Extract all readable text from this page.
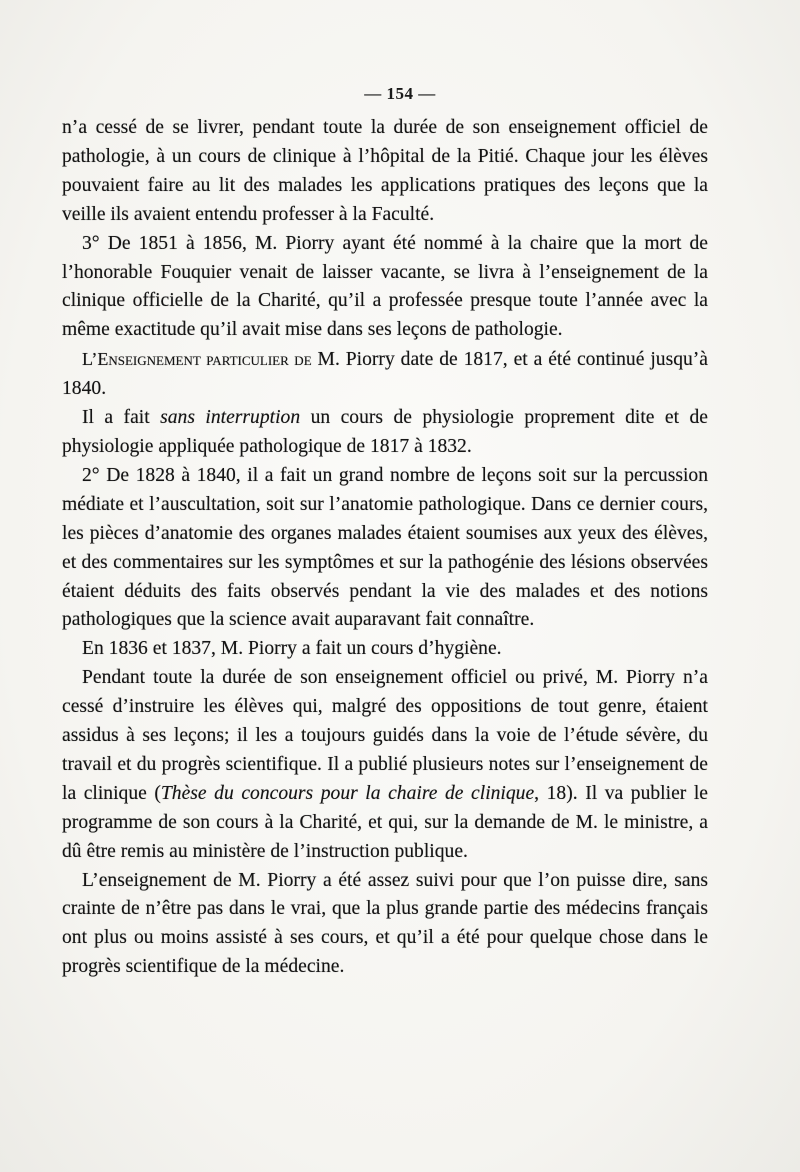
— 154 —

n’a cessé de se livrer, pendant toute la durée de son enseignement officiel de pathologie, à un cours de clinique à l’hôpital de la Pitié. Chaque jour les élèves pouvaient faire au lit des malades les applications pratiques des leçons que la veille ils avaient entendu professer à la Faculté.

3° De 1851 à 1856, M. Piorry ayant été nommé à la chaire que la mort de l’honorable Fouquier venait de laisser vacante, se livra à l’enseignement de la clinique officielle de la Charité, qu’il a professée presque toute l’année avec la même exactitude qu’il avait mise dans ses leçons de pathologie.

L’Enseignement particulier de M. Piorry date de 1817, et a été continué jusqu’à 1840.

Il a fait sans interruption un cours de physiologie proprement dite et de physiologie appliquée pathologique de 1817 à 1832.

2° De 1828 à 1840, il a fait un grand nombre de leçons soit sur la percussion médiate et l’auscultation, soit sur l’anatomie pathologique. Dans ce dernier cours, les pièces d’anatomie des organes malades étaient soumises aux yeux des élèves, et des commentaires sur les symptômes et sur la pathogénie des lésions observées étaient déduits des faits observés pendant la vie des malades et des notions pathologiques que la science avait auparavant fait connaître.

En 1836 et 1837, M. Piorry a fait un cours d’hygiène.

Pendant toute la durée de son enseignement officiel ou privé, M. Piorry n’a cessé d’instruire les élèves qui, malgré des oppositions de tout genre, étaient assidus à ses leçons; il les a toujours guidés dans la voie de l’étude sévère, du travail et du progrès scientifique. Il a publié plusieurs notes sur l’enseignement de la clinique (Thèse du concours pour la chaire de clinique, 18). Il va publier le programme de son cours à la Charité, et qui, sur la demande de M. le ministre, a dû être remis au ministère de l’instruction publique.

L’enseignement de M. Piorry a été assez suivi pour que l’on puisse dire, sans crainte de n’être pas dans le vrai, que la plus grande partie des médecins français ont plus ou moins assisté à ses cours, et qu’il a été pour quelque chose dans le progrès scientifique de la médecine.
